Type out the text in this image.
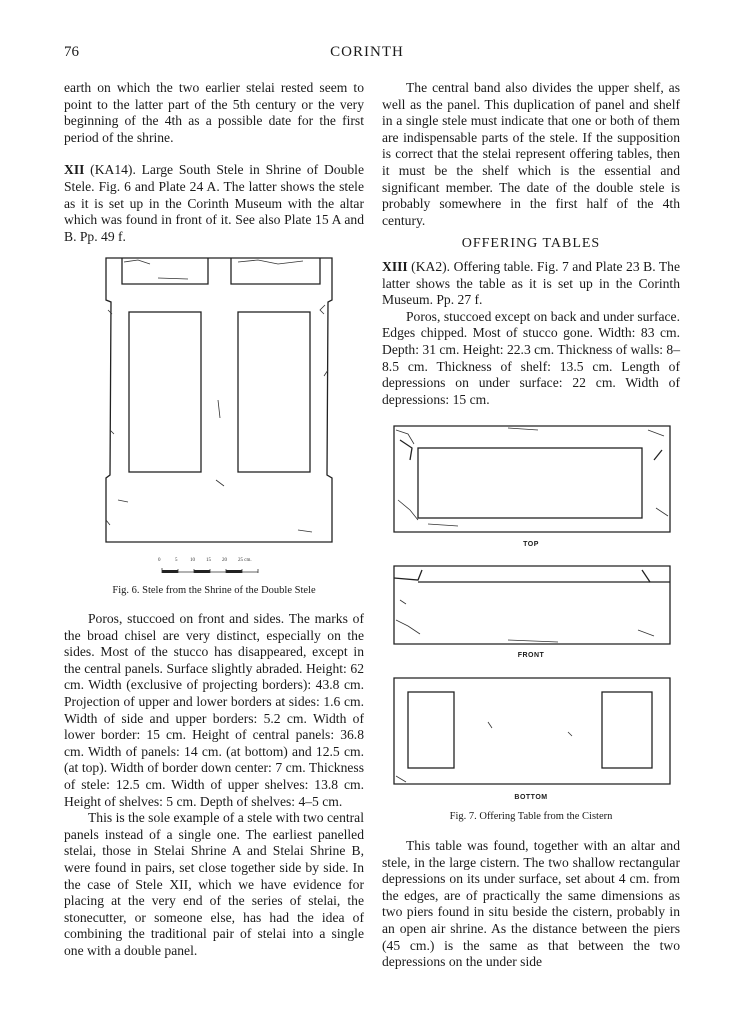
76	CORINTH

earth on which the two earlier stelai rested seem to point to the latter part of the 5th century or the very beginning of the 4th as a possible date for the first period of the shrine.

XII (KA14). Large South Stele in Shrine of Double Stele. Fig. 6 and Plate 24 A. The latter shows the stele as it is set up in the Corinth Museum with the altar which was found in front of it. See also Plate 15 A and B. Pp. 49 f.

0	5	10 15 20 25 cm.
Fig. 6. Stele from the Shrine of the Double Stele

Poros, stuccoed on front and sides. The marks of the broad chisel are very distinct, especially on the sides. Most of the stucco has disappeared, except in the central panels. Surface slightly abraded. Height: 62 cm. Width (exclusive of projecting borders): 43.8 cm. Projection of upper and lower borders at sides: 1.6 cm. Width of side and upper borders: 5.2 cm. Width of lower border: 15 cm. Height of central panels: 36.8 cm. Width of panels: 14 cm. (at bottom) and 12.5 cm. (at top). Width of border down center: 7 cm. Thickness of stele: 12.5 cm. Width of upper shelves: 13.8 cm. Height of shelves: 5 cm. Depth of shelves: 4–5 cm.

This is the sole example of a stele with two central panels instead of a single one. The earliest panelled stelai, those in Stelai Shrine A and Stelai Shrine B, were found in pairs, set close together side by side. In the case of Stele XII, which we have evidence for placing at the very end of the series of stelai, the stonecutter, or someone else, has had the idea of combining the traditional pair of stelai into a single one with a double panel.

The central band also divides the upper shelf, as well as the panel. This duplication of panel and shelf in a single stele must indicate that one or both of them are indispensable parts of the stele. If the supposition is correct that the stelai represent offering tables, then it must be the shelf which is the essential and significant member. The date of the double stele is probably somewhere in the first half of the 4th century.

OFFERING TABLES

XIII (KA2). Offering table. Fig. 7 and Plate 23 B. The latter shows the table as it is set up in the Corinth Museum. Pp. 27 f.

Poros, stuccoed except on back and under surface. Edges chipped. Most of stucco gone. Width: 83 cm. Depth: 31 cm. Height: 22.3 cm. Thickness of walls: 8–8.5 cm. Thickness of shelf: 13.5 cm. Length of depressions on under surface: 22 cm. Width of depressions: 15 cm.

TOP
FRONT
BOTTOM
Fig. 7. Offering Table from the Cistern

This table was found, together with an altar and stele, in the large cistern. The two shallow rectangular depressions on its under surface, set about 4 cm. from the edges, are of practically the same dimensions as two piers found in situ beside the cistern, probably in an open air shrine. As the distance between the piers (45 cm.) is the same as that between the two depressions on the under side
